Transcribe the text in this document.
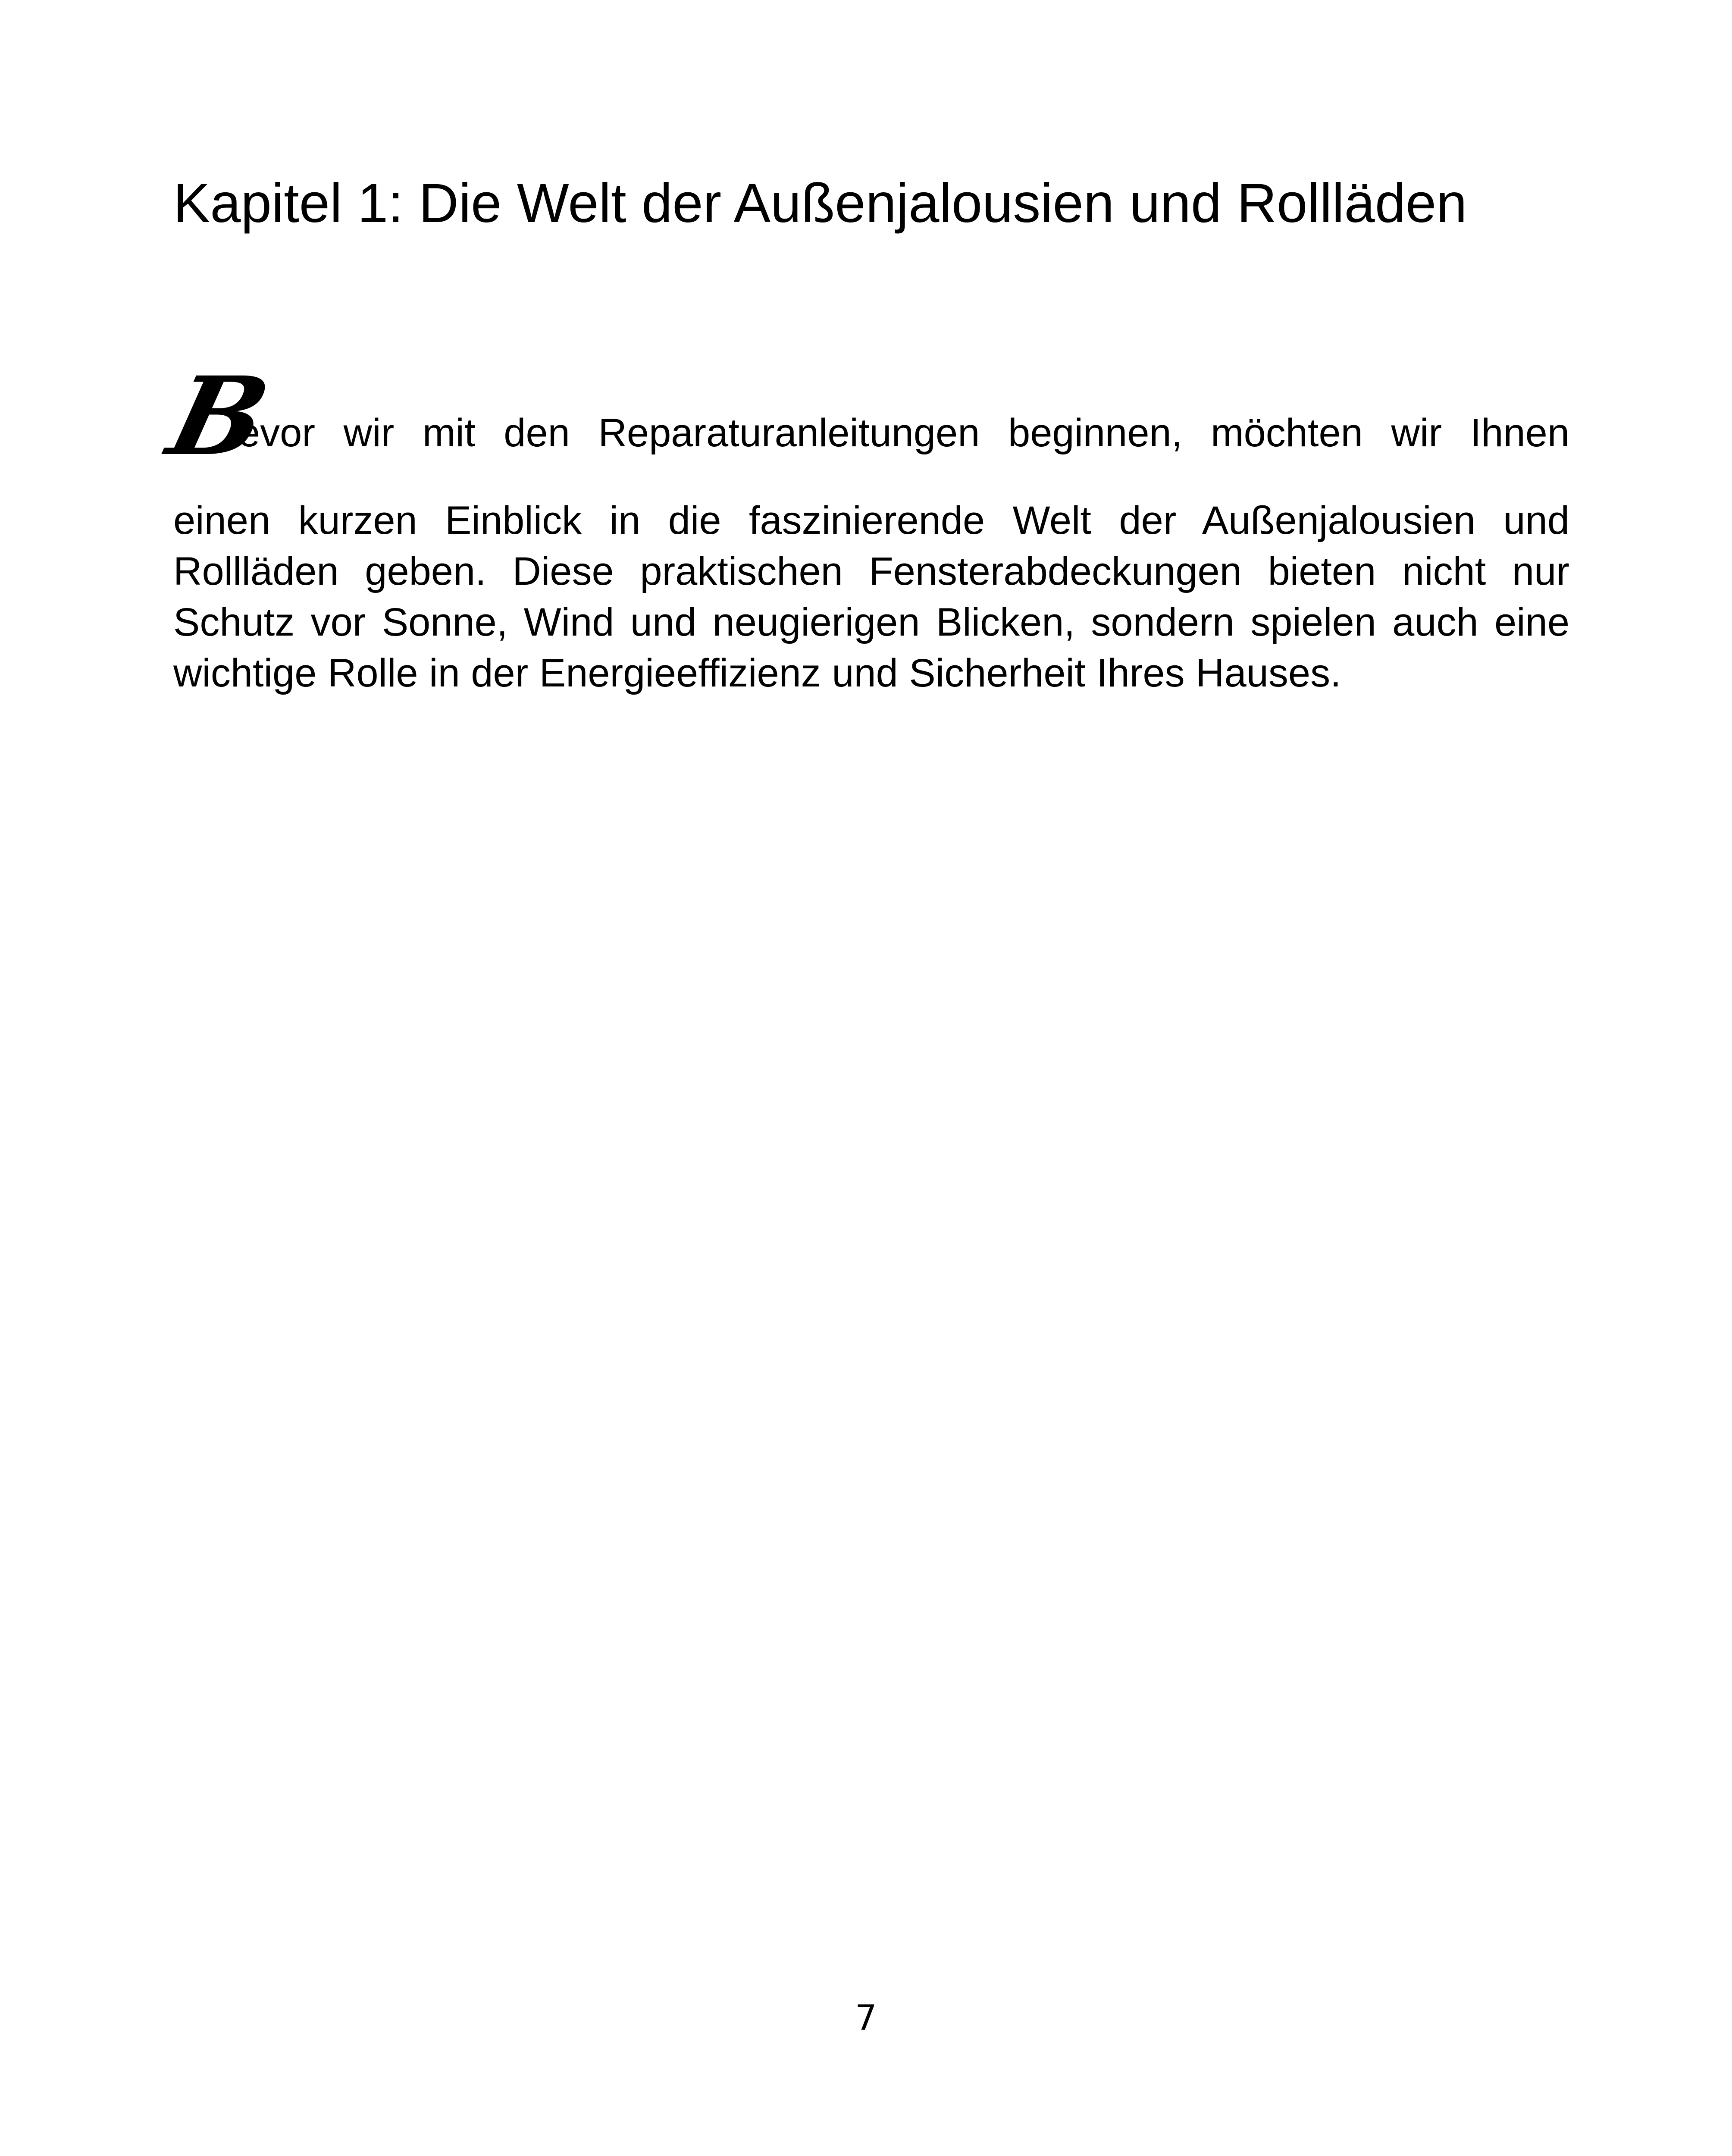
Kapitel 1: Die Welt der Außenjalousien und Rollläden
B
evor wir mit den Reparaturanleitungen beginnen, möchten wir Ihnen

einen kurzen Einblick in die faszinierende Welt der Außenjalousien und Rollläden geben. Diese praktischen Fensterabdeckungen bieten nicht nur Schutz vor Sonne, Wind und neugierigen Blicken, sondern spielen auch eine wichtige Rolle in der Energieeffizienz und Sicherheit Ihres Hauses.

7
